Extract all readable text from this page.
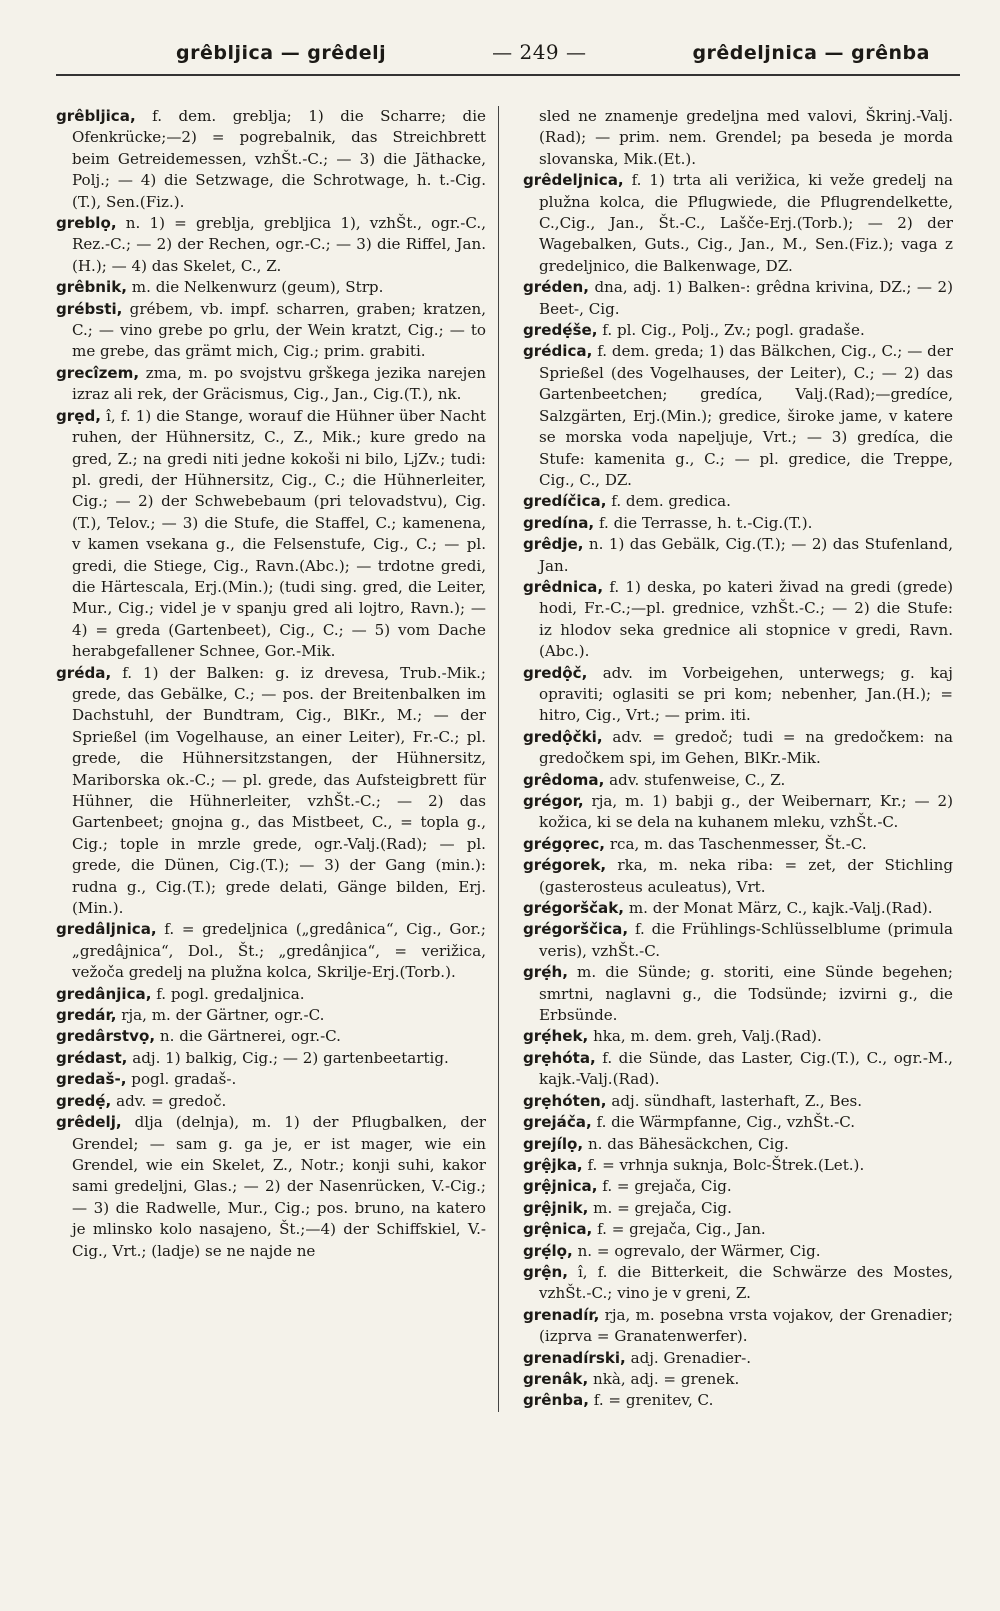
grêbljica — grêdelj	— 249 —	grêdeljnica — grênba

grêbljica, f. dem. greblja; 1) die Scharre; die Ofenkrücke;—2) = pogrebalnik, das Streichbrett beim Getreidemessen, vzhŠt.-C.; — 3) die Jäthacke, Polj.; — 4) die Setzwage, die Schrotwage, h. t.-Cig.(T.), Sen.(Fiz.).

greblọ, n. 1) = greblja, grebljica 1), vzhŠt., ogr.-C., Rez.-C.; — 2) der Rechen, ogr.-C.; — 3) die Riffel, Jan.(H.); — 4) das Skelet, C., Z.

grêbnik, m. die Nelkenwurz (geum), Strp.

grébsti, grébem, vb. impf. scharren, graben; kratzen, C.; — vino grebe po grlu, der Wein kratzt, Cig.; — to me grebe, das grämt mich, Cig.; prim. grabiti.

grecîzem, zma, m. po svojstvu grškega jezika narejen izraz ali rek, der Gräcismus, Cig., Jan., Cig.(T.), nk.

grẹd, î, f. 1) die Stange, worauf die Hühner über Nacht ruhen, der Hühnersitz, C., Z., Mik.; kure gredo na gred, Z.; na gredi niti jedne kokoši ni bilo, LjZv.; tudi: pl. gredi, der Hühnersitz, Cig., C.; die Hühnerleiter, Cig.; — 2) der Schwebebaum (pri telovadstvu), Cig.(T.), Telov.; — 3) die Stufe, die Staffel, C.; kamenena, v kamen vsekana g., die Felsenstufe, Cig., C.; — pl. gredi, die Stiege, Cig., Ravn.(Abc.); — trdotne gredi, die Härtescala, Erj.(Min.); (tudi sing. gred, die Leiter, Mur., Cig.; videl je v spanju gred ali lojtro, Ravn.); — 4) = greda (Gartenbeet), Cig., C.; — 5) vom Dache herabgefallener Schnee, Gor.-Mik.

gréda, f. 1) der Balken: g. iz drevesa, Trub.-Mik.; grede, das Gebälke, C.; — pos. der Breitenbalken im Dachstuhl, der Bundtram, Cig., BlKr., M.; — der Sprießel (im Vogelhause, an einer Leiter), Fr.-C.; pl. grede, die Hühnersitzstangen, der Hühnersitz, Mariborska ok.-C.; — pl. grede, das Aufsteigbrett für Hühner, die Hühnerleiter, vzhŠt.-C.; — 2) das Gartenbeet; gnojna g., das Mistbeet, C., = topla g., Cig.; tople in mrzle grede, ogr.-Valj.(Rad); — pl. grede, die Dünen, Cig.(T.); — 3) der Gang (min.): rudna g., Cig.(T.); grede delati, Gänge bilden, Erj.(Min.).

gredâljnica, f. = gredeljnica („gredânica“, Cig., Gor.; „gredâjnica“, Dol., Št.; „gredânjica“, = verižica, vežoča gredelj na plužna kolca, Skrilje-Erj.(Torb.).

gredânjica, f. pogl. gredaljnica.

gredár, rja, m. der Gärtner, ogr.-C.

gredârstvọ, n. die Gärtnerei, ogr.-C.

grédast, adj. 1) balkig, Cig.; — 2) gartenbeetartig.

gredaš-, pogl. gradaš-.

gredẹ́, adv. = gredoč.

grêdelj, dlja (delnja), m. 1) der Pflugbalken, der Grendel; — sam g. ga je, er ist mager, wie ein Grendel, wie ein Skelet, Z., Notr.; konji suhi, kakor sami gredeljni, Glas.; — 2) der Nasenrücken, V.-Cig.; — 3) die Radwelle, Mur., Cig.; pos. bruno, na katero je mlinsko kolo nasajeno, Št.;—4) der Schiffskiel, V.-Cig., Vrt.; (ladje) se ne najde ne

sled ne znamenje gredeljna med valovi, Škrinj.-Valj.(Rad); — prim. nem. Grendel; pa beseda je morda slovanska, Mik.(Et.).

grêdeljnica, f. 1) trta ali verižica, ki veže gredelj na plužna kolca, die Pflugwiede, die Pflugrendelkette, C.,Cig., Jan., Št.-C., Lašče-Erj.(Torb.); — 2) der Wagebalken, Guts., Cig., Jan., M., Sen.(Fiz.); vaga z gredeljnico, die Balkenwage, DZ.

gréden, dna, adj. 1) Balken-: grêdna krivina, DZ.; — 2) Beet-, Cig.

gredẹ́še, f. pl. Cig., Polj., Zv.; pogl. gradaše.

grédica, f. dem. greda; 1) das Bälkchen, Cig., C.; — der Sprießel (des Vogelhauses, der Leiter), C.; — 2) das Gartenbeetchen; gredíca, Valj.(Rad);—gredíce, Salzgärten, Erj.(Min.); gredice, široke jame, v katere se morska voda napeljuje, Vrt.; — 3) gredíca, die Stufe: kamenita g., C.; — pl. gredice, die Treppe, Cig., C., DZ.

gredíčica, f. dem. gredica.

gredína, f. die Terrasse, h. t.-Cig.(T.).

grêdje, n. 1) das Gebälk, Cig.(T.); — 2) das Stufenland, Jan.

grêdnica, f. 1) deska, po kateri živad na gredi (grede) hodi, Fr.-C.;—pl. grednice, vzhŠt.-C.; — 2) die Stufe: iz hlodov seka grednice ali stopnice v gredi, Ravn.(Abc.).

gredộč, adv. im Vorbeigehen, unterwegs; g. kaj opraviti; oglasiti se pri kom; nebenher, Jan.(H.); = hitro, Cig., Vrt.; — prim. iti.

gredộčki, adv. = gredoč; tudi = na gredočkem: na gredočkem spi, im Gehen, BlKr.-Mik.

grêdoma, adv. stufenweise, C., Z.

grégor, rja, m. 1) babji g., der Weibernarr, Kr.; — 2) kožica, ki se dela na kuhanem mleku, vzhŠt.-C.

grégọrec, rca, m. das Taschenmesser, Št.-C.

grégorek, rka, m. neka riba: = zet, der Stichling (gasterosteus aculeatus), Vrt.

grégorščak, m. der Monat März, C., kajk.-Valj.(Rad).

grégorščica, f. die Frühlings-Schlüsselblume (primula veris), vzhŠt.-C.

grẹ́h, m. die Sünde; g. storiti, eine Sünde begehen; smrtni, naglavni g., die Todsünde; izvirni g., die Erbsünde.

grẹ́hek, hka, m. dem. greh, Valj.(Rad).

grẹhóta, f. die Sünde, das Laster, Cig.(T.), C., ogr.-M., kajk.-Valj.(Rad).

grẹhóten, adj. sündhaft, lasterhaft, Z., Bes.

grejáča, f. die Wärmpfanne, Cig., vzhŠt.-C.

grejílọ, n. das Bähesäckchen, Cig.

grệjka, f. = vrhnja suknja, Bolc-Štrek.(Let.).

grệjnica, f. = grejača, Cig.

grệjnik, m. = grejača, Cig.

grệnica, f. = grejača, Cig., Jan.

grẹ́lọ, n. = ogrevalo, der Wärmer, Cig.

grện, î, f. die Bitterkeit, die Schwärze des Mostes, vzhŠt.-C.; vino je v greni, Z.

grenadír, rja, m. posebna vrsta vojakov, der Grenadier; (izprva = Granatenwerfer).

grenadírski, adj. Grenadier-.

grenâk, nkà, adj. = grenek.

grênba, f. = grenitev, C.
